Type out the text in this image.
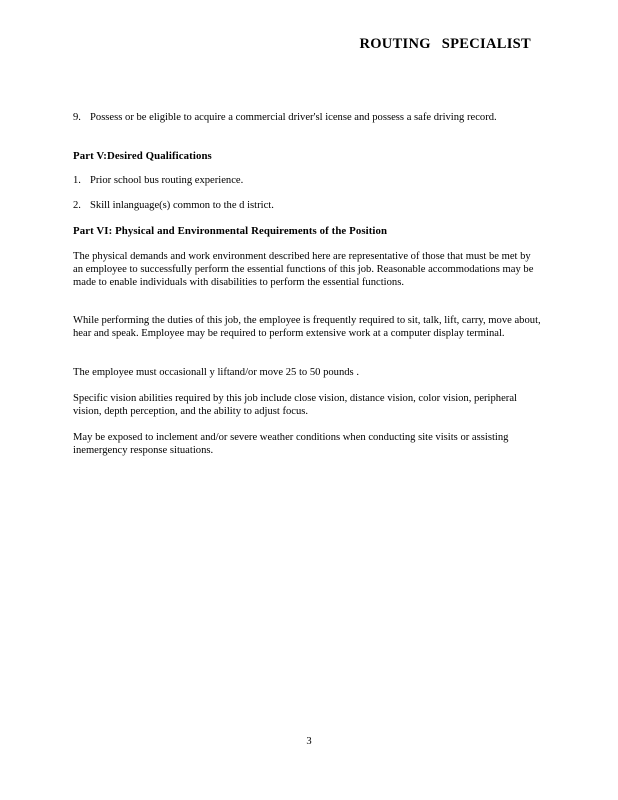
ROUTING SPECIALIST
9. Possess or be eligible to acquire a commercial driver'sl icense and possess a safe driving record.
Part V:Desired Qualifications
1. Prior school bus routing experience.
2. Skill inlanguage(s) common to the d istrict.
Part VI: Physical and Environmental Requirements of the Position
The physical demands and work environment described here are representative of those that must be met by an employee to successfully perform the essential functions of this job. Reasonable accommodations may be made to enable individuals with disabilities to perform the essential functions.
While performing the duties of this job, the employee is frequently required to sit, talk, lift, carry, move about, hear and speak. Employee may be required to perform extensive work at a computer display terminal.
The employee must occasionall y liftand/or move 25 to 50 pounds .
Specific vision abilities required by this job include close vision, distance vision, color vision, peripheral vision, depth perception, and the ability to adjust focus.
May be exposed to inclement and/or severe weather conditions when conducting site visits or assisting inemergency response situations.
3
